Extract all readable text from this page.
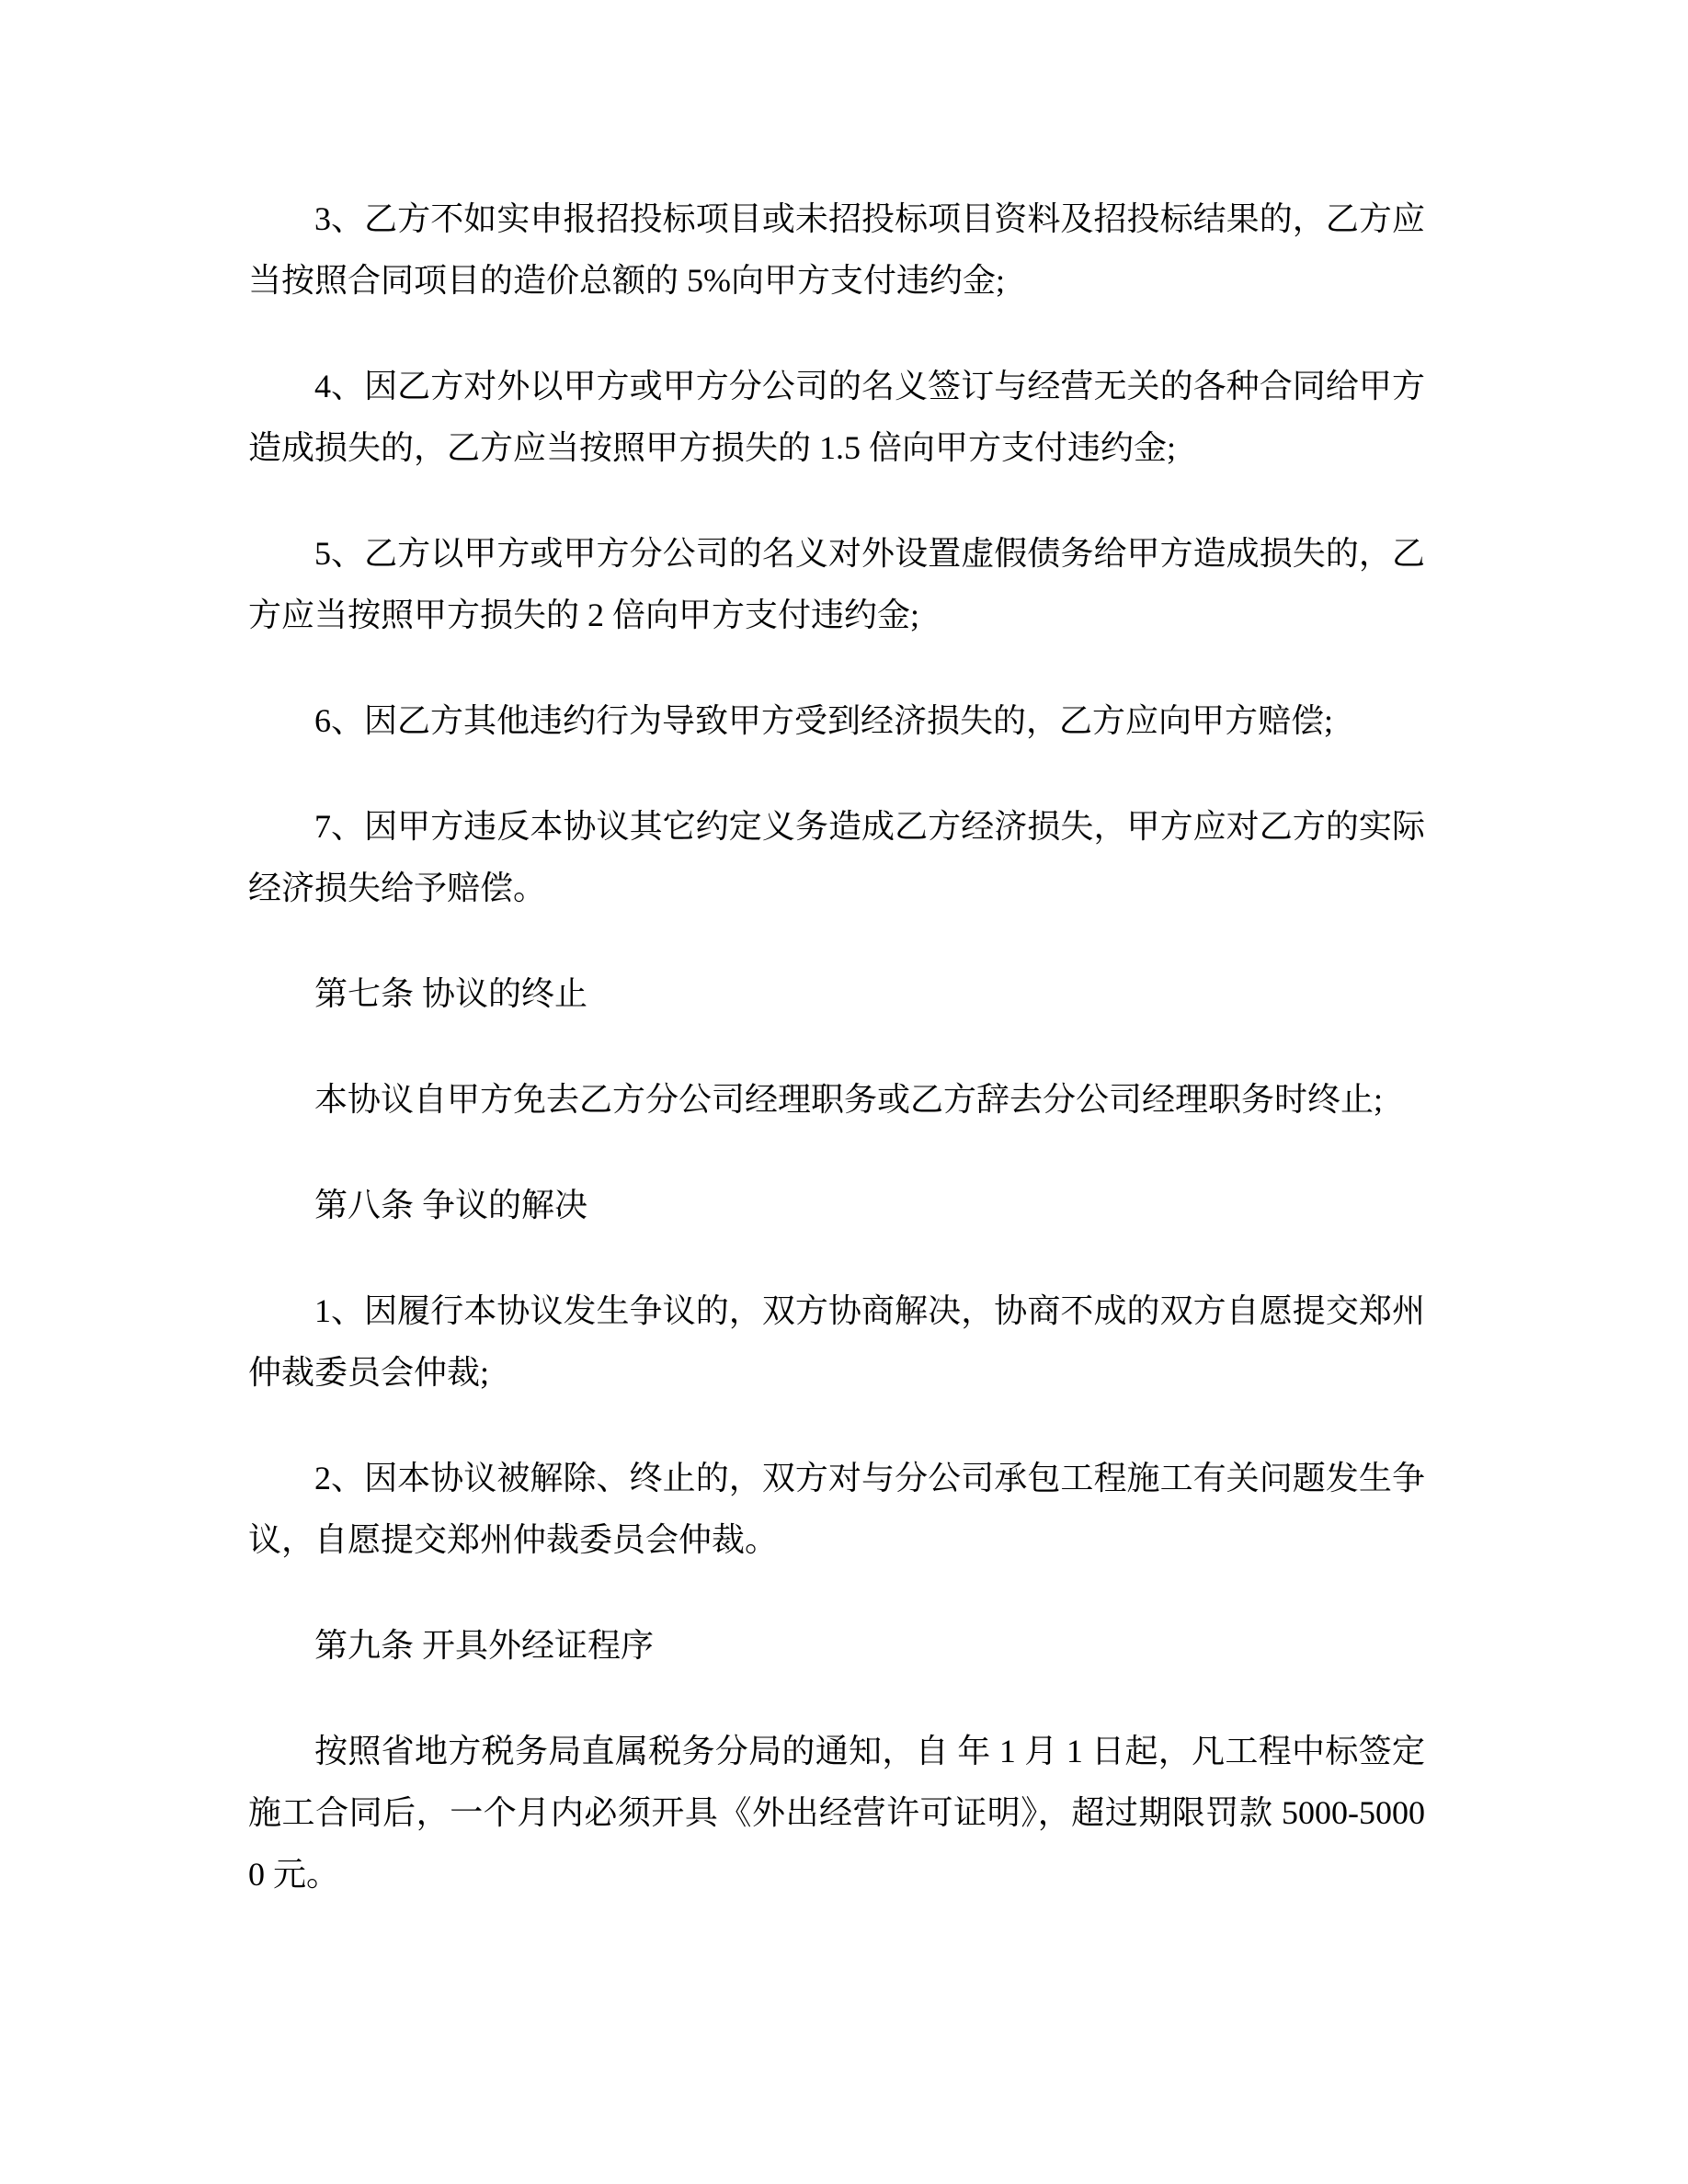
3、乙方不如实申报招投标项目或未招投标项目资料及招投标结果的，乙方应当按照合同项目的造价总额的 5%向甲方支付违约金;

4、因乙方对外以甲方或甲方分公司的名义签订与经营无关的各种合同给甲方造成损失的，乙方应当按照甲方损失的 1.5 倍向甲方支付违约金;

5、乙方以甲方或甲方分公司的名义对外设置虚假债务给甲方造成损失的，乙方应当按照甲方损失的 2 倍向甲方支付违约金;

6、因乙方其他违约行为导致甲方受到经济损失的，乙方应向甲方赔偿;

7、因甲方违反本协议其它约定义务造成乙方经济损失，甲方应对乙方的实际经济损失给予赔偿。

第七条 协议的终止

本协议自甲方免去乙方分公司经理职务或乙方辞去分公司经理职务时终止;

第八条 争议的解决

1、因履行本协议发生争议的，双方协商解决，协商不成的双方自愿提交郑州仲裁委员会仲裁;

2、因本协议被解除、终止的，双方对与分公司承包工程施工有关问题发生争议，自愿提交郑州仲裁委员会仲裁。

第九条 开具外经证程序

按照省地方税务局直属税务分局的通知，自 年 1 月 1 日起，凡工程中标签定施工合同后，一个月内必须开具《外出经营许可证明》，超过期限罚款 5000-50000 元。
